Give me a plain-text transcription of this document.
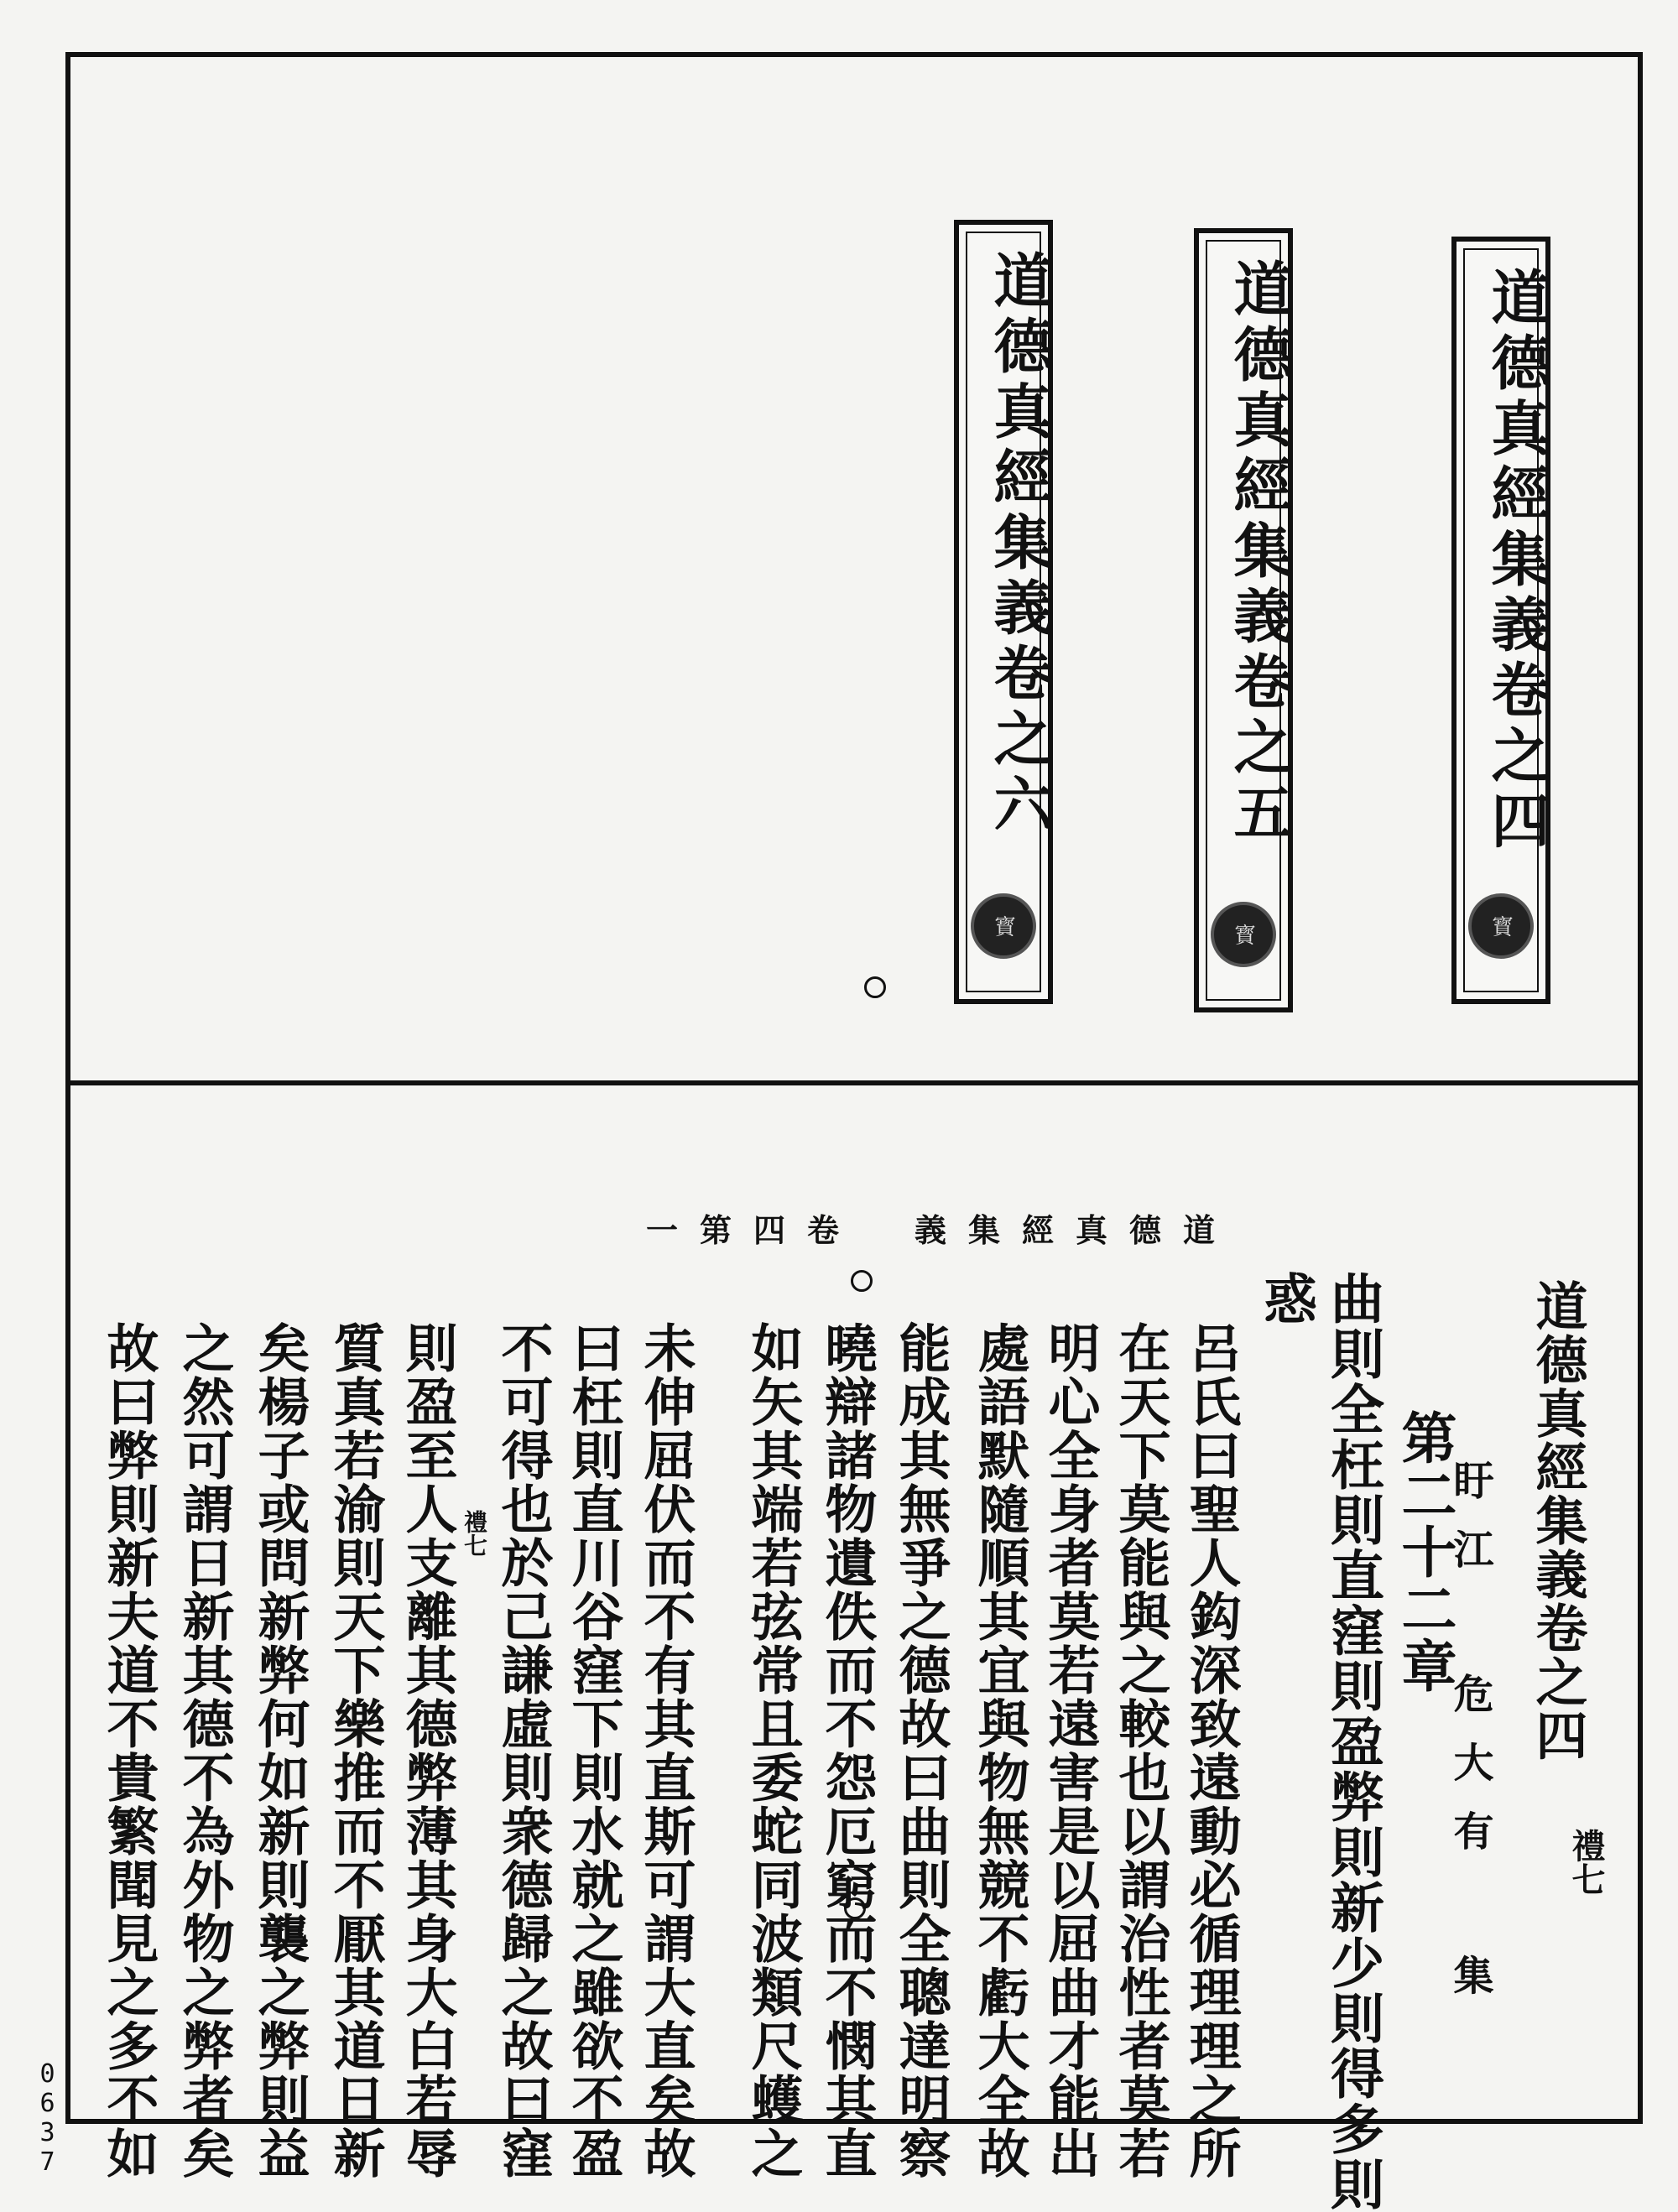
道德真經集義卷之四
寳
道德真經集義卷之五
寳
道德真經集義卷之六
寳
道德真經集義　卷四第一
道德真經集義卷之四
禮七
盱江 危大有 集
第二十二章
曲則全枉則直窪則盈弊則新少則得多則
惑
呂氏曰聖人鈎深致遠動必循理理之所
在天下莫能與之較也以謂治性者莫若
明心全身者莫若遠害是以屈曲才能出
處語默隨順其宜與物無競不虧大全故
能成其無爭之德故曰曲則全聰達明察
曉辯諸物遺佚而不怨厄窮而不憫其直
如矢其端若弦常且委蛇同波類尺蠖之
未伸屈伏而不有其直斯可謂大直矣故
曰枉則直川谷窪下則水就之雖欲不盈
不可得也於己謙虛則衆德歸之故曰窪
禮七
則盈至人支離其德弊薄其身大白若辱
質真若渝則天下樂推而不厭其道日新
矣楊子或問新弊何如新則襲之弊則益
之然可謂日新其德不為外物之弊者矣
故曰弊則新夫道不貴繁聞見之多不如
0637
